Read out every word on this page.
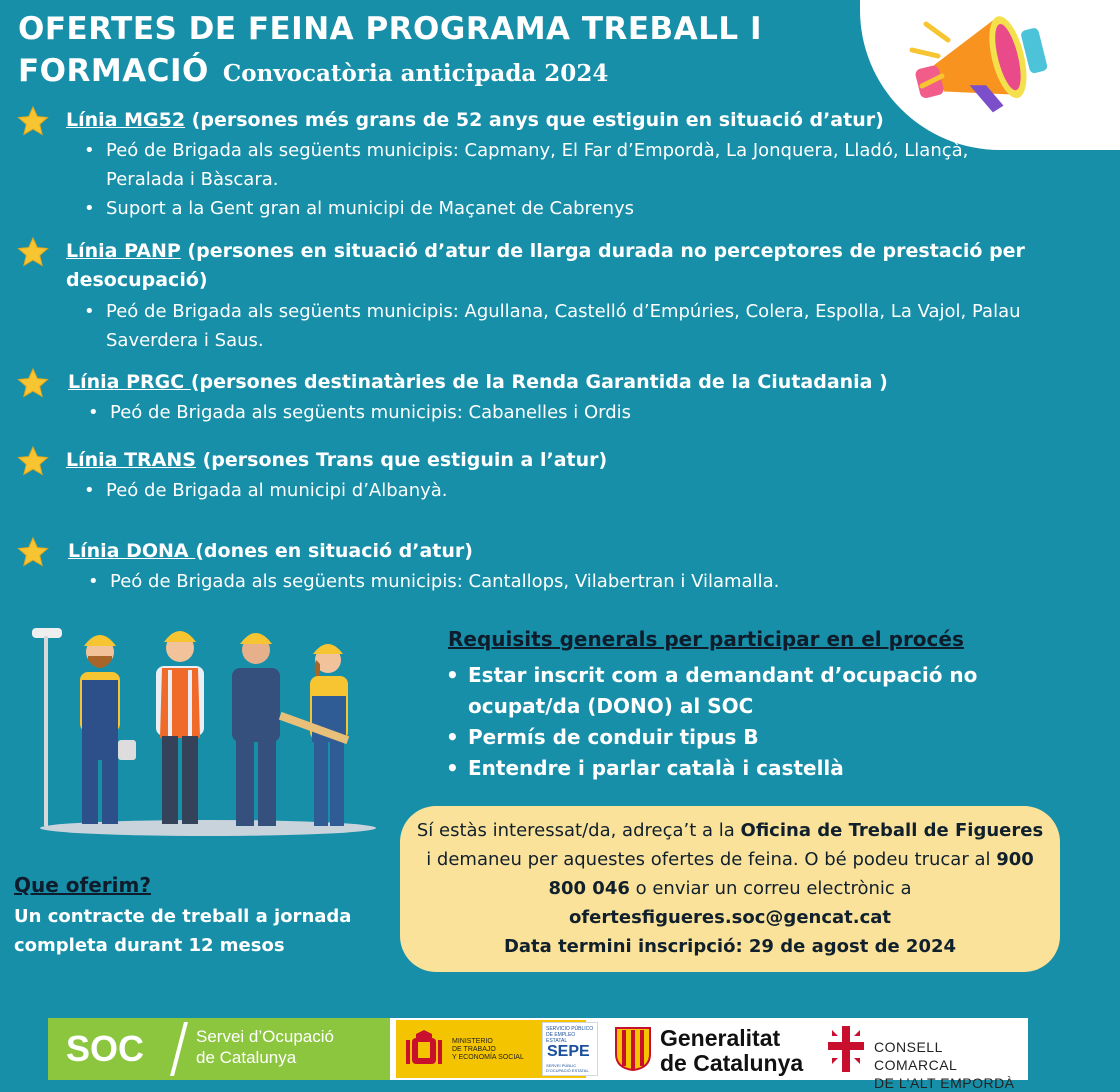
OFERTES DE FEINA PROGRAMA TREBALL I
FORMACIÓ Convocatòria anticipada 2024
Línia MG52 (persones més grans de 52 anys que estiguin en situació d’atur)
• Peó de Brigada als següents municipis: Capmany, El Far d’Empordà, La Jonquera, Lladó, Llançà, Peralada i Bàscara.
• Suport a la Gent gran al municipi de Maçanet de Cabrenys
Línia PANP (persones en situació d’atur de llarga durada no perceptores de prestació per desocupació)
• Peó de Brigada als següents municipis: Agullana, Castelló d’Empúries, Colera, Espolla, La Vajol, Palau Saverdera i Saus.
Línia PRGC (persones destinatàries de la Renda Garantida de la Ciutadania )
• Peó de Brigada als següents municipis: Cabanelles i Ordis
Línia TRANS (persones Trans que estiguin a l’atur)
• Peó de Brigada al municipi d’Albanyà.
Línia DONA (dones en situació d’atur)
• Peó de Brigada als següents municipis: Cantallops, Vilabertran i Vilamalla.
Requisits generals per participar en el procés
• Estar inscrit com a demandant d’ocupació no ocupat/da (DONO) al SOC
• Permís de conduir tipus B
• Entendre i parlar català i castellà
Que oferim?
Un contracte de treball a jornada completa durant 12 mesos
Sí estàs interessat/da, adreça’t a la Oficina de Treball de Figueres i demaneu per aquestes ofertes de feina. O bé podeu trucar al 900 800 046 o enviar un correu electrònic a
ofertesfigueres.soc@gencat.cat
Data termini inscripció: 29 de agost de 2024
SOC	Servei d’Ocupació
de Catalunya
MINISTERIO
DE TRABAJO
Y ECONOMÍA SOCIAL
SERVICIO PÚBLICO
DE EMPLEO ESTATAL
SEPE
SERVEI PÚBLIC
D'OCUPACIÓ ESTATAL
Generalitat
de Catalunya
CONSELL COMARCAL
DE L’ALT EMPORDÀ
